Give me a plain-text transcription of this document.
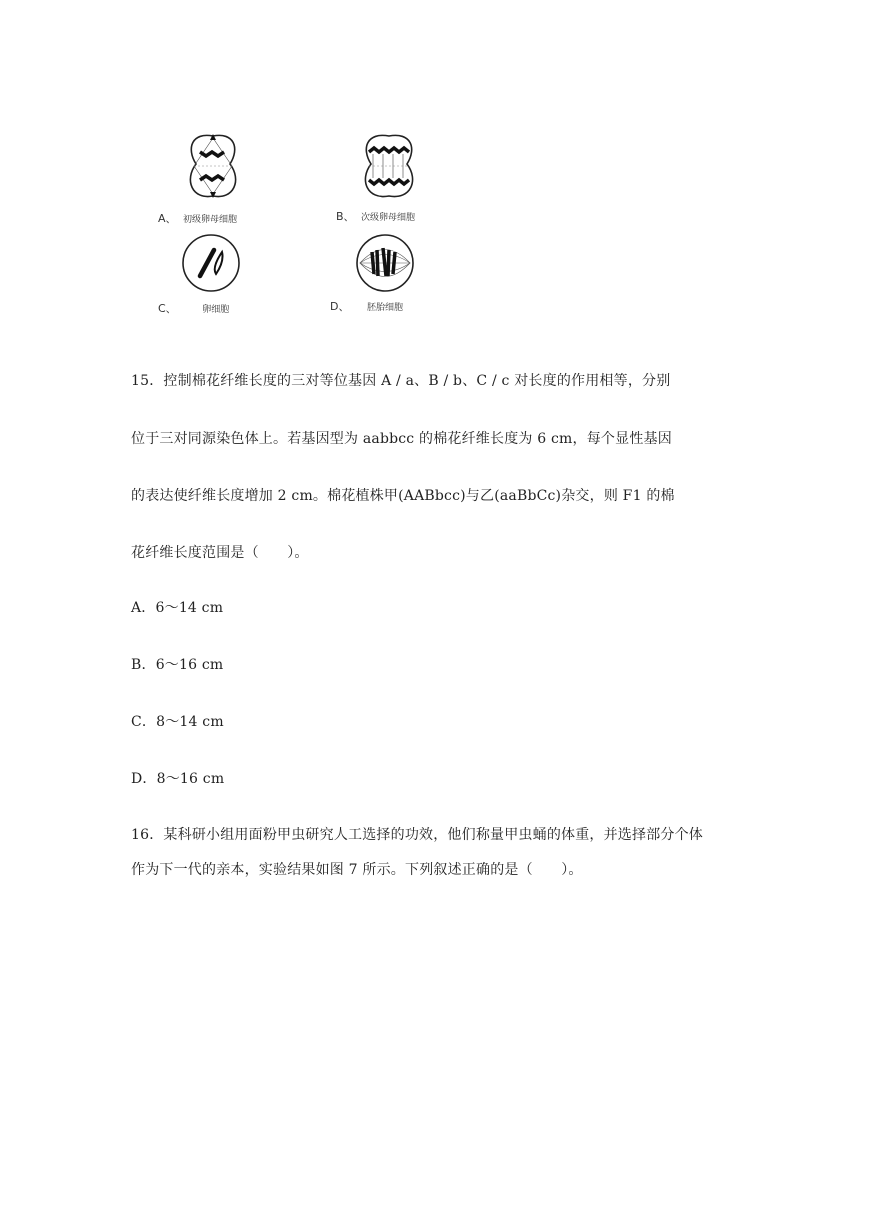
A、 初级卵母细胞	B、 次级卵母细胞
C、	卵细胞	D、 胚胎细胞
15．控制棉花纤维长度的三对等位基因 A / a、B / b、C / c 对长度的作用相等，分别
位于三对同源染色体上。若基因型为 aabbcc 的棉花纤维长度为 6 cm，每个显性基因
的表达使纤维长度增加 2 cm。棉花植株甲(AABbcc)与乙(aaBbCc)杂交，则 F1 的棉
花纤维长度范围是（　　）。
A．6～14 cm
B．6～16 cm
C．8～14 cm
D．8～16 cm
16．某科研小组用面粉甲虫研究人工选择的功效，他们称量甲虫蛹的体重，并选择部分个体
作为下一代的亲本，实验结果如图 7 所示。下列叙述正确的是（　　）。
